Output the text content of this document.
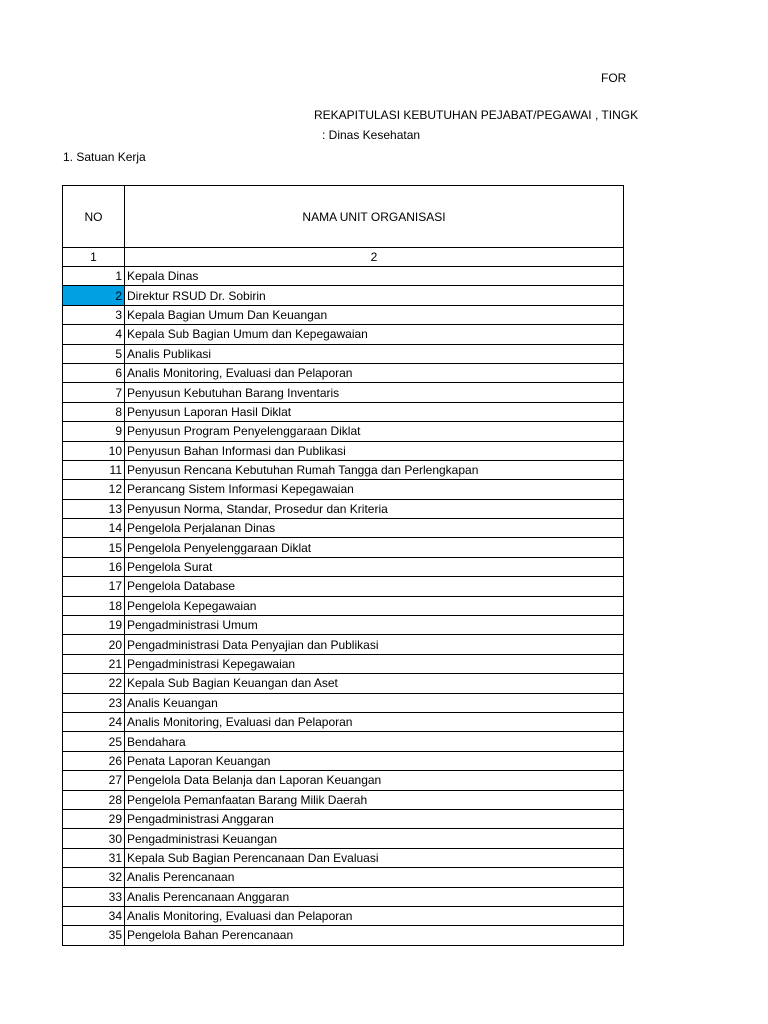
FOR
REKAPITULASI KEBUTUHAN PEJABAT/PEGAWAI , TINGK
: Dinas Kesehatan
1. Satuan Kerja
NO	NAMA UNIT ORGANISASI
1	2
1	Kepala Dinas
2	Direktur RSUD Dr. Sobirin
3	Kepala Bagian Umum Dan Keuangan
4	Kepala Sub Bagian Umum dan Kepegawaian
5	Analis Publikasi
6	Analis Monitoring, Evaluasi dan Pelaporan
7	Penyusun Kebutuhan Barang Inventaris
8	Penyusun Laporan Hasil Diklat
9	Penyusun Program Penyelenggaraan Diklat
10	Penyusun Bahan Informasi dan Publikasi
11	Penyusun Rencana Kebutuhan Rumah Tangga dan Perlengkapan
12	Perancang Sistem Informasi Kepegawaian
13	Penyusun Norma, Standar, Prosedur dan Kriteria
14	Pengelola Perjalanan Dinas
15	Pengelola Penyelenggaraan Diklat
16	Pengelola Surat
17	Pengelola Database
18	Pengelola Kepegawaian
19	Pengadministrasi Umum
20	Pengadministrasi Data Penyajian dan Publikasi
21	Pengadministrasi Kepegawaian
22	Kepala Sub Bagian Keuangan dan Aset
23	Analis Keuangan
24	Analis Monitoring, Evaluasi dan Pelaporan
25	Bendahara
26	Penata Laporan Keuangan
27	Pengelola Data Belanja dan Laporan Keuangan
28	Pengelola Pemanfaatan Barang Milik Daerah
29	Pengadministrasi Anggaran
30	Pengadministrasi Keuangan
31	Kepala Sub Bagian Perencanaan Dan Evaluasi
32	Analis Perencanaan
33	Analis Perencanaan Anggaran
34	Analis Monitoring, Evaluasi dan Pelaporan
35	Pengelola Bahan Perencanaan
